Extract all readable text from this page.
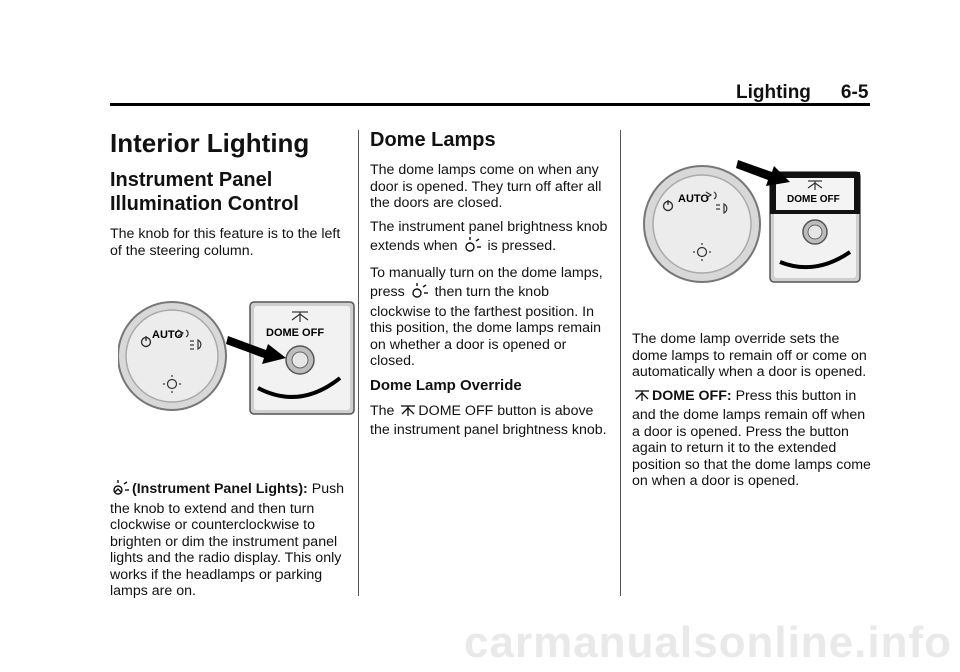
Lighting 6-5
Interior Lighting
Instrument Panel Illumination Control

The knob for this feature is to the left of the steering column.

AUTO	DOME OFF

(Instrument Panel Lights): Push the knob to extend and then turn clockwise or counterclockwise to brighten or dim the instrument panel lights and the radio display. This only works if the headlamps or parking lamps are on.

Dome Lamps

The dome lamps come on when any door is opened. They turn off after all the doors are closed.

The instrument panel brightness knob extends when is pressed.

To manually turn on the dome lamps, press then turn the knob clockwise to the farthest position. In this position, the dome lamps remain on whether a door is opened or closed.

Dome Lamp Override

The DOME OFF button is above the instrument panel brightness knob.

AUTO	DOME OFF

The dome lamp override sets the dome lamps to remain off or come on automatically when a door is opened.

DOME OFF: Press this button in and the dome lamps remain off when a door is opened. Press the button again to return it to the extended position so that the dome lamps come on when a door is opened.

carmanualsonline.info
